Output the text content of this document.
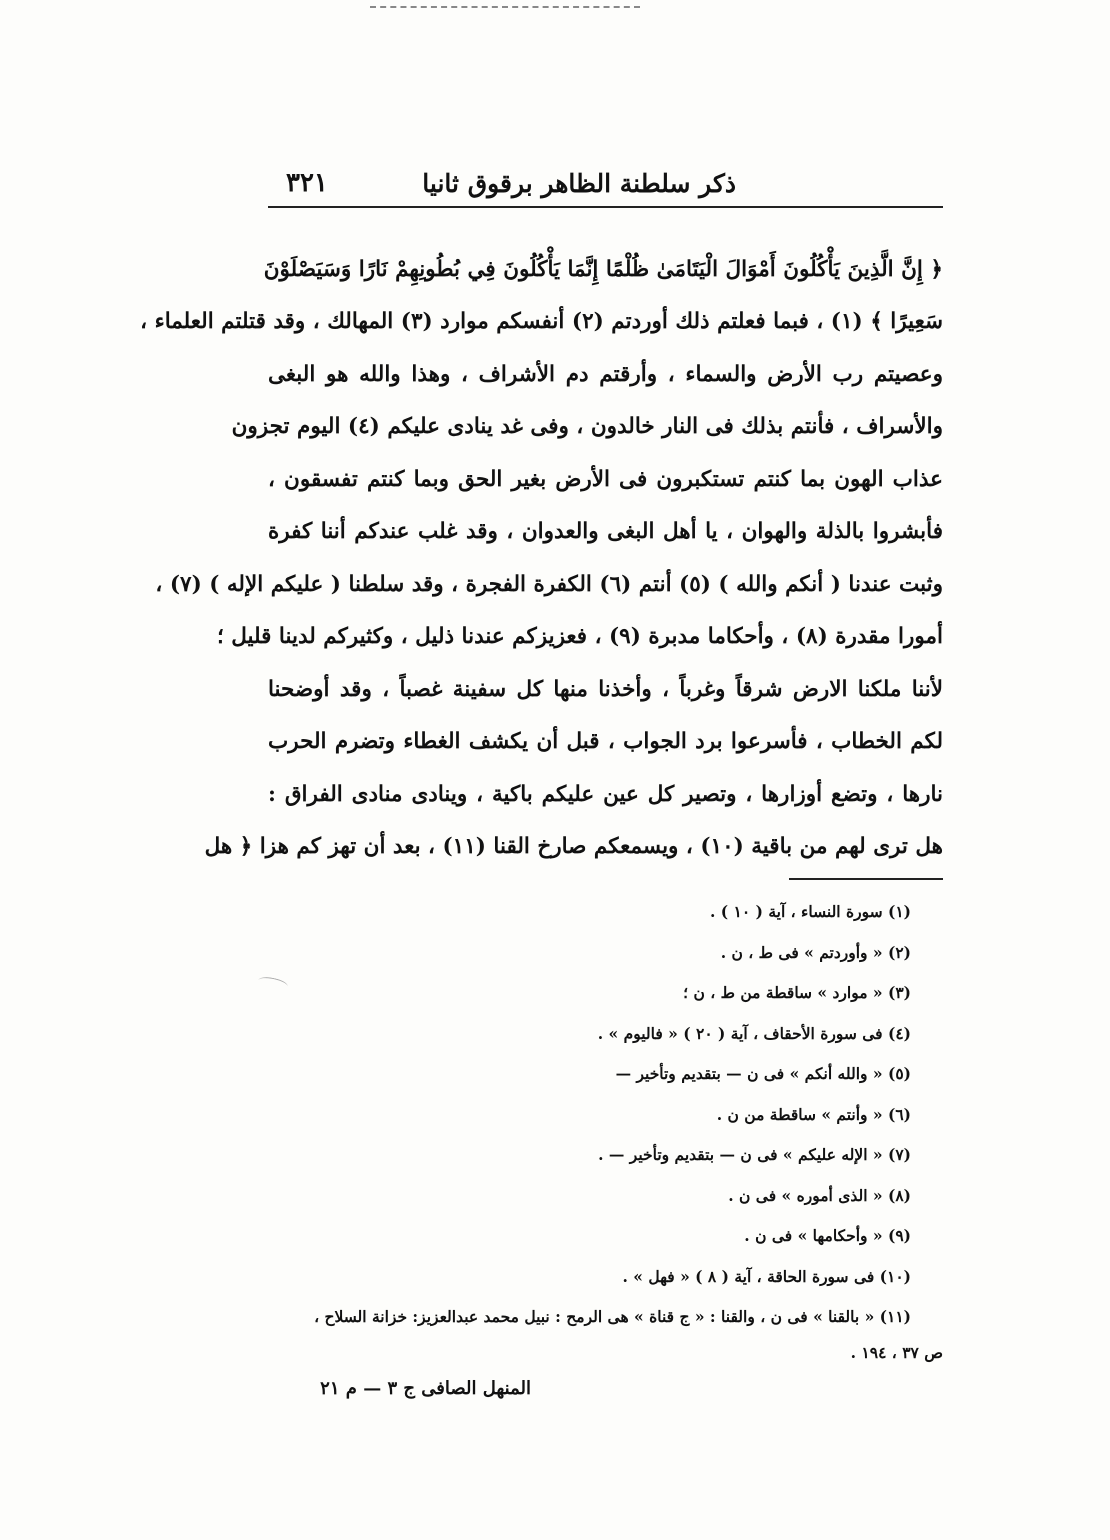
ذكر سلطنة الظاهر برقوق ثانيا
٣٢١
﴿ إِنَّ الَّذِينَ يَأْكُلُونَ أَمْوَالَ الْيَتَامَىٰ ظُلْمًا إِنَّمَا يَأْكُلُونَ فِي بُطُونِهِمْ نَارًا وَسَيَصْلَوْنَ
سَعِيرًا ﴾ (١) ، فبما فعلتم ذلك أوردتم (٢) أنفسكم موارد (٣) المهالك ، وقد قتلتم العلماء ،
وعصيتم رب الأرض والسماء ، وأرقتم دم الأشراف ، وهذا والله هو البغى
والأسراف ، فأنتم بذلك فى النار خالدون ، وفى غد ينادى عليكم (٤) اليوم تجزون
عذاب الهون بما كنتم تستكبرون فى الأرض بغير الحق وبما كنتم تفسقون ،
فأبشروا بالذلة والهوان ، يا أهل البغى والعدوان ، وقد غلب عندكم أننا كفرة
وثبت عندنا ( أنكم والله ) (٥) أنتم (٦) الكفرة الفجرة ، وقد سلطنا ( عليكم الإله ) (٧) ،
أمورا مقدرة (٨) ، وأحكاما مدبرة (٩) ، فعزيزكم عندنا ذليل ، وكثيركم لدينا قليل ؛
لأننا ملكنا الارض شرقاً وغرباً ، وأخذنا منها كل سفينة غصباً ، وقد أوضحنا
لكم الخطاب ، فأسرعوا برد الجواب ، قبل أن يكشف الغطاء وتضرم الحرب
نارها ، وتضع أوزارها ، وتصير كل عين عليكم باكية ، وينادى منادى الفراق :
هل ترى لهم من باقية (١٠) ، ويسمعكم صارخ القنا (١١) ، بعد أن تهز كم هزا ﴿ هل
(١) سورة النساء ، آية ( ١٠ ) .
(٢) « وأوردتم » فى ط ، ن .
(٣) « موارد » ساقطة من ط ، ن ؛
(٤) فى سورة الأحقاف ، آية ( ٢٠ ) « فاليوم » .
(٥) « والله أنكم » فى ن — بتقديم وتأخير —
(٦) « وأنتم » ساقطة من ن .
(٧) « الإله عليكم » فى ن — بتقديم وتأخير — .
(٨) « الذى أموره » فى ن .
(٩) « وأحكامها » فى ن .
(١٠) فى سورة الحاقة ، آية ( ٨ ) « فهل » .
(١١) « بالقنا » فى ن ، والقنا : « ج قناة » هى الرمح : نبيل محمد عبدالعزيز: خزانة السلاح ،
ص ٣٧ ، ١٩٤ .
المنهل الصافى ج ٣ — م ٢١
